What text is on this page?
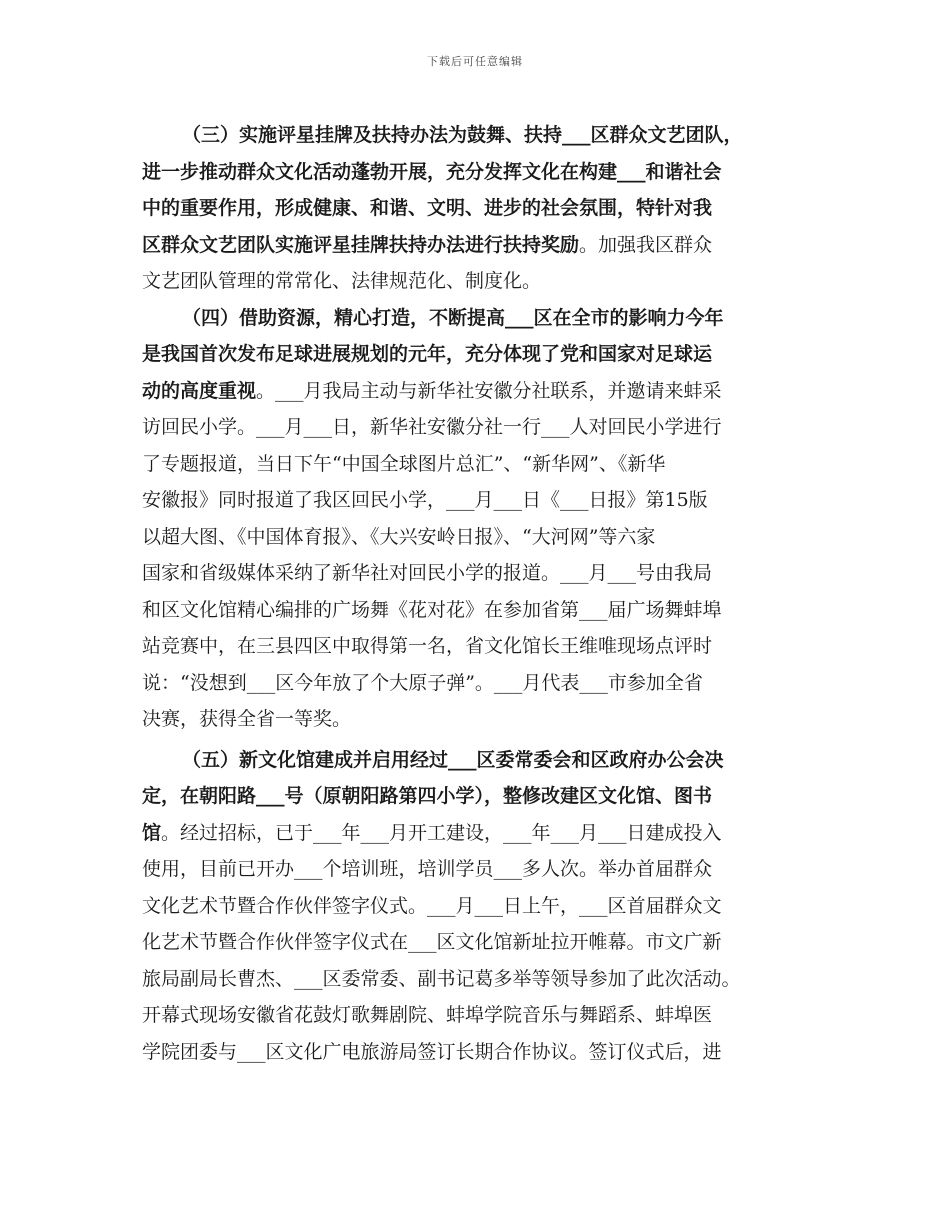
下载后可任意编辑
（三）实施评星挂牌及扶持办法为鼓舞、扶持___区群众文艺团队，
进一步推动群众文化活动蓬勃开展，充分发挥文化在构建___和谐社会
中的重要作用，形成健康、和谐、文明、进步的社会氛围，特针对我
区群众文艺团队实施评星挂牌扶持办法进行扶持奖励。加强我区群众
文艺团队管理的常常化、法律规范化、制度化。
（四）借助资源，精心打造，不断提高___区在全市的影响力今年
是我国首次发布足球进展规划的元年，充分体现了党和国家对足球运
动的高度重视。___月我局主动与新华社安徽分社联系，并邀请来蚌采
访回民小学。___月___日，新华社安徽分社一行___人对回民小学进行
了专题报道，当日下午“中国全球图片总汇”、“新华网”、《新华
安徽报》同时报道了我区回民小学，___月___日《___日报》第15版
以超大图、《中国体育报》、《大兴安岭日报》、“大河网”等六家
国家和省级媒体采纳了新华社对回民小学的报道。___月___号由我局
和区文化馆精心编排的广场舞《花对花》在参加省第___届广场舞蚌埠
站竞赛中，在三县四区中取得第一名，省文化馆长王维唯现场点评时
说：“没想到___区今年放了个大原子弹”。___月代表___市参加全省
决赛，获得全省一等奖。
（五）新文化馆建成并启用经过___区委常委会和区政府办公会决
定，在朝阳路___号（原朝阳路第四小学），整修改建区文化馆、图书
馆。经过招标，已于___年___月开工建设，___年___月___日建成投入
使用，目前已开办___个培训班，培训学员___多人次。举办首届群众
文化艺术节暨合作伙伴签字仪式。___月___日上午，___区首届群众文
化艺术节暨合作伙伴签字仪式在___区文化馆新址拉开帷幕。市文广新
旅局副局长曹杰、___区委常委、副书记葛多举等领导参加了此次活动。
开幕式现场安徽省花鼓灯歌舞剧院、蚌埠学院音乐与舞蹈系、蚌埠医
学院团委与___区文化广电旅游局签订长期合作协议。签订仪式后，进
